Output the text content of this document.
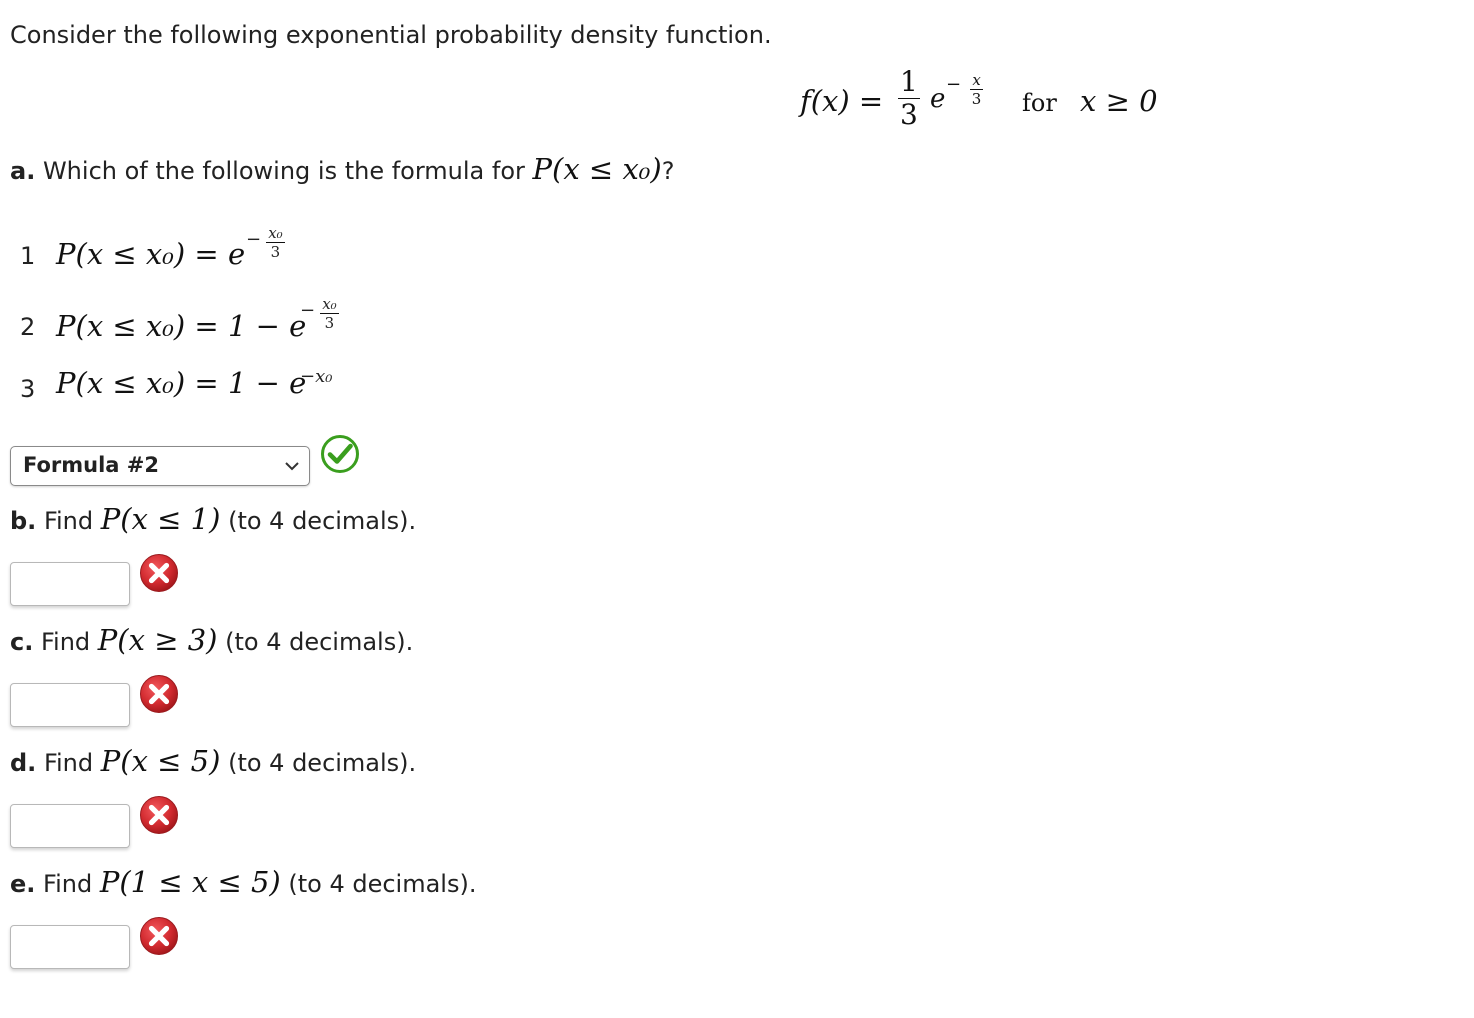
Consider the following exponential probability density function.
f(x) =
1
3 e $^- \frac{x}{3}$ for x ≥ 0
a. Which of the following is the formula for P(x ≤ x₀)?
1 $P(x \le x_0) = e - \frac{\text{x₀}}{3}$
2 P(x ≤ x₀) = 1 − e
− $\frac{\text{x₀}}{3}$
3 P(x ≤ x₀) = 1 − e
−x₀
Formula #2
b. Find P(x ≤ 1) (to 4 decimals).
c. Find P(x ≥ 3) (to 4 decimals).
d. Find P(x ≤ 5) (to 4 decimals).
e. Find P(1 ≤ x ≤ 5) (to 4 decimals).
